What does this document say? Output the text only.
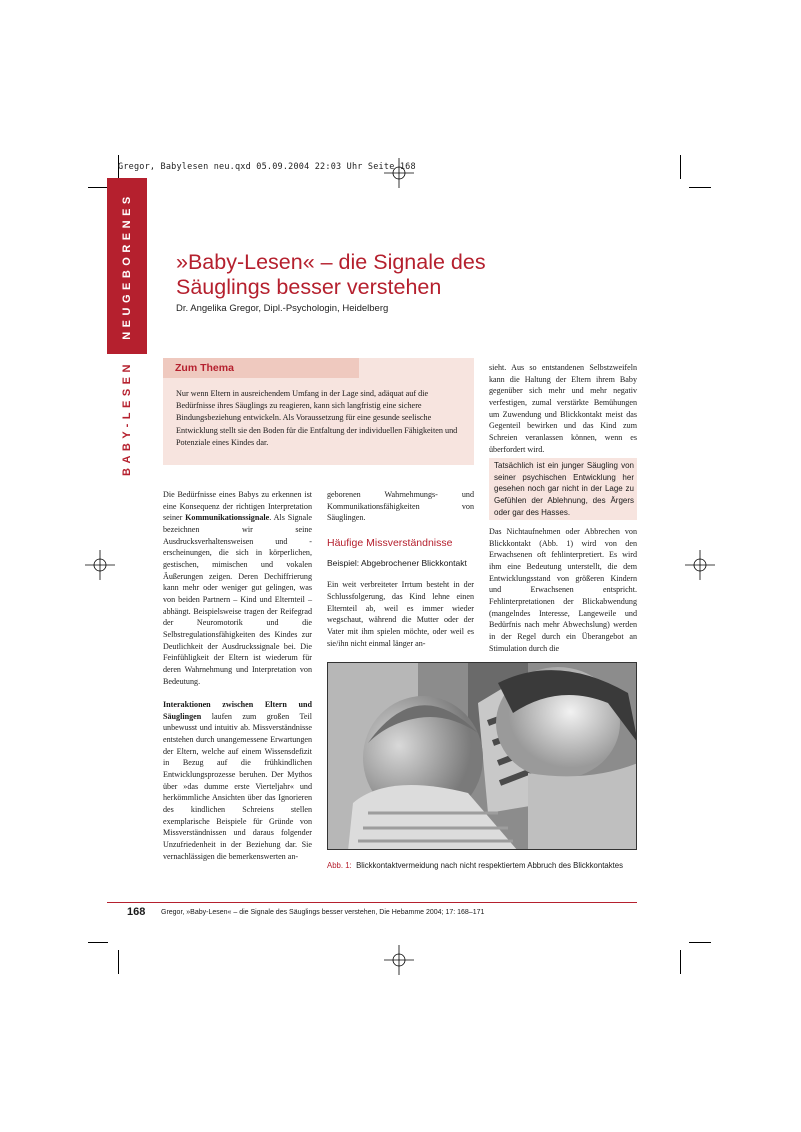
Gregor, Babylesen neu.qxd 05.09.2004 22:03 Uhr Seite 168
NEUGEBORENES
BABY-LESEN
»Baby-Lesen« – die Signale des Säuglings besser verstehen
Dr. Angelika Gregor, Dipl.-Psychologin, Heidelberg
Zum Thema
Nur wenn Eltern in ausreichendem Umfang in der Lage sind, adäquat auf die Bedürfnisse ihres Säuglings zu reagieren, kann sich langfristig eine sichere Bindungsbeziehung entwickeln. Als Voraussetzung für eine gesunde seelische Entwicklung stellt sie den Boden für die Entfaltung der individuellen Fähigkeiten und Potenziale eines Kindes dar.

Die Bedürfnisse eines Babys zu erkennen ist eine Konsequenz der richtigen Interpretation seiner Kommunikationssignale. Als Signale bezeichnen wir seine Ausdrucksverhaltensweisen und -erscheinungen, die sich in körperlichen, gestischen, mimischen und vokalen Äußerungen zeigen. Deren Dechiffrierung kann mehr oder weniger gut gelingen, was von beiden Partnern – Kind und Elternteil – abhängt. Beispielsweise tragen der Reifegrad der Neuromotorik und die Selbstregulationsfähigkeiten des Kindes zur Deutlichkeit der Ausdruckssignale bei. Die Feinfühligkeit der Eltern ist wiederum für deren Wahrnehmung und Interpretation von Bedeutung.

Interaktionen zwischen Eltern und Säuglingen laufen zum großen Teil unbewusst und intuitiv ab. Missverständnisse entstehen durch unangemessene Erwartungen der Eltern, welche auf einem Wissensdefizit in Bezug auf die frühkindlichen Entwicklungsprozesse beruhen. Der Mythos über »das dumme erste Vierteljahr« und herkömmliche Ansichten über das Ignorieren des kindlichen Schreiens stellen exemplarische Beispiele für Gründe von Missverständnissen und daraus folgender Unzufriedenheit in der Beziehung dar. Sie vernachlässigen die bemerkenswerten an-

geborenen Wahrnehmungs- und Kommunikationsfähigkeiten von Säuglingen.

Häufige Missverständnisse
Beispiel: Abgebrochener Blickkontakt

Ein weit verbreiteter Irrtum besteht in der Schlussfolgerung, das Kind lehne einen Elternteil ab, weil es immer wieder wegschaut, während die Mutter oder der Vater mit ihm spielen möchte, oder weil es sie/ihn nicht einmal länger an-

sieht. Aus so entstandenen Selbstzweifeln kann die Haltung der Eltern ihrem Baby gegenüber sich mehr und mehr negativ verfestigen, zumal verstärkte Bemühungen um Zuwendung und Blickkontakt meist das Gegenteil bewirken und das Kind zum Schreien veranlassen können, wenn es überfordert wird.

Tatsächlich ist ein junger Säugling von seiner psychischen Entwicklung her gesehen noch gar nicht in der Lage zu Gefühlen der Ablehnung, des Ärgers oder gar des Hasses.

Das Nichtaufnehmen oder Abbrechen von Blickkontakt (Abb. 1) wird von den Erwachsenen oft fehlinterpretiert. Es wird ihm eine Bedeutung unterstellt, die dem Entwicklungsstand von größeren Kindern und Erwachsenen entspricht. Fehlinterpretationen der Blickabwendung (mangelndes Interesse, Langeweile und Bedürfnis nach mehr Abwechslung) werden in der Regel durch ein Überangebot an Stimulation durch die

Abb. 1: Blickkontaktvermeidung nach nicht respektiertem Abbruch des Blickkontaktes
168 Gregor, »Baby-Lesen« – die Signale des Säuglings besser verstehen, Die Hebamme 2004; 17: 168–171
